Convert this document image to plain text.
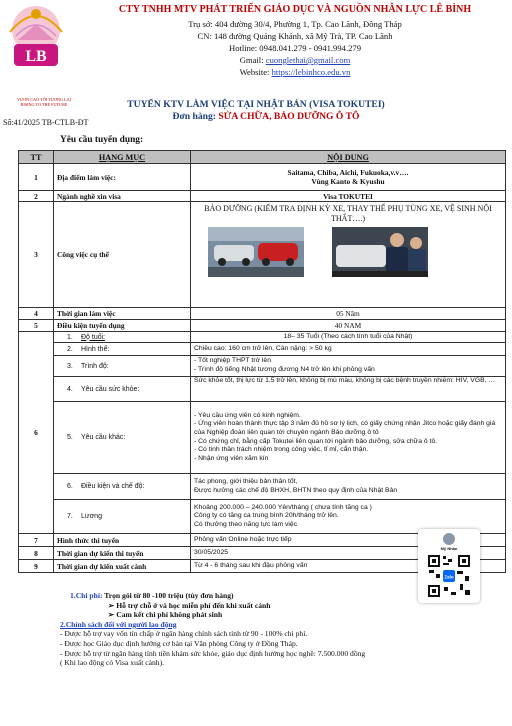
LB
VƯƠN CAO TỚI TƯƠNG LAI
RISING TO THE FUTURE
CTY TNHH MTV PHÁT TRIỂN GIÁO DỤC VÀ NGUỒN NHÂN LỰC LÊ BÌNH
Trụ sở: 404 đường 30/4, Phường 1, Tp. Cao Lãnh, Đồng Tháp
CN: 148 đường Quảng Khánh, xã Mỹ Trà, TP. Cao Lãnh
Hotline: 0948.041.279 - 0941.994.279
Gmail: cuonglethai@gmail.com
Website: https://lebinhco.edu.vn
TUYỂN KTV LÀM VIỆC TẠI NHẬT BẢN (VISA TOKUTEI)
Đơn hàng: SỬA CHỮA, BẢO DƯỠNG Ô TÔ
Số:41/2025 TB-CTLB-ĐT
Yêu cầu tuyển dụng:
TT	HẠNG MỤC	NỘI DUNG
1	Địa điểm làm việc:	Saitama, Chiba, Aichi, Fukuoka,v.v….
Vùng Kanto & Kyushu

2	Ngành nghề xin visa	Visa TOKUTEI
3	Công việc cụ thể	BẢO DƯỠNG (KIỂM TRA ĐỊNH KỲ XE, THAY THẾ PHỤ TÙNG XE, VỆ SINH NỘI THẤT….)

4	Thời gian làm việc	05 Năm
5	Điều kiện tuyển dụng	40 NAM
6	1. Độ tuổi:	18– 35 Tuổi (Theo cách tính tuổi của Nhật)
	2. Hình thể:	Chiều cao: 160 cm trở lên, Cân nặng: > 50 kg
	3. Trình độ:	- Tốt nghiệp THPT trở lên
- Trình độ tiếng Nhật tương đương N4 trở lên khi phỏng vấn

	4. Yêu cầu sức khỏe:	Sức khỏe tốt, thị lực từ 1.5 trở lên, không bị mù màu, không bị các bệnh truyền nhiễm: HIV, VGB, …
	5. Yêu cầu khác:	- Yêu cầu ứng viên có kinh nghiệm.
- Ứng viên hoàn thành thực tập 3 năm đủ hồ sơ lý lịch, có giấy chứng nhận Jitco hoặc giấy đánh giá của Nghiệp đoàn liên quan tới chuyên ngành Bảo dưỡng ô tô
- Có chứng chỉ, bằng cấp Tokutei liên quan tới ngành bảo dưỡng, sửa chữa ô tô.
- Có tinh thần trách nhiệm trong công việc, tỉ mỉ, cẩn thận.
- Nhận ứng viên xăm kín

	6. Điều kiện và chế độ:	Tác phong, giới thiệu bản thân tốt,
Được hưởng các chế độ BHXH, BHTN theo quy định của Nhật Bản

	7. Lương	Khoảng 200.000 – 240.000 Yên/tháng ( chưa tính tăng ca )
Công ty có tăng ca trung bình 20h/tháng trở lên.
Có thưởng theo năng lực làm việc

7	Hình thức thi tuyển	Phỏng vấn Online hoặc trực tiếp
8	Thời gian dự kiến thi tuyển	30/05/2025
9	Thời gian dự kiến xuất cảnh	Từ 4 - 6 tháng sau khi đậu phỏng vấn
Mỹ Nhân
Zalo
1.Chi phí: Trọn gói từ 80 -100 triệu (tùy đơn hàng)
➢ Hỗ trợ chỗ ở và học miễn phí đến khi xuất cảnh
➢ Cam kết chi phí không phát sinh
2.Chính sách đối với người lao động
- Được hỗ trợ vay vốn tín chấp ở ngân hàng chính sách tỉnh từ 90 - 100% chi phí.
- Được học Giáo dục định hướng cơ bản tại Văn phòng Công ty ở Đồng Tháp.
- Được hỗ trợ từ ngân hàng tính tiền khám sức khỏe, giáo dục định hướng học nghề: 7.500.000 đồng
( Khi lao động có Visa xuất cảnh).
